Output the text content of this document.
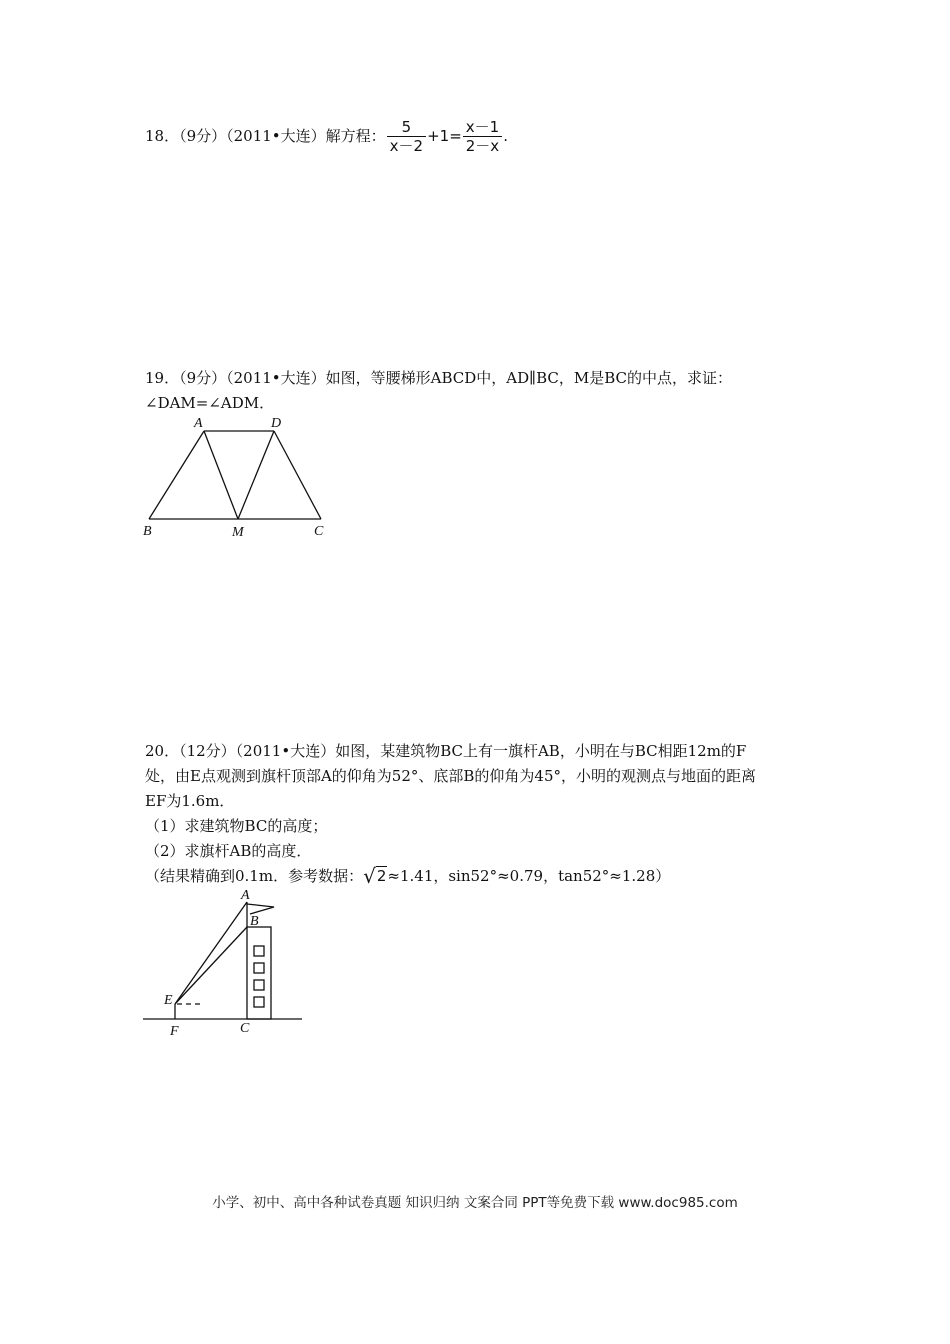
18．（9分）（2011•大连）解方程： $\frac{5}{x-2} +1= \frac{x-1}{2-x}$ .
19．（9分）（2011•大连）如图，等腰梯形ABCD中，AD∥BC，M是BC的中点，求证：
∠DAM=∠ADM．
A	D
B	M	C
20．（12分）（2011•大连）如图，某建筑物BC上有一旗杆AB，小明在与BC相距12m的F
处，由E点观测到旗杆顶部A的仰角为52°、底部B的仰角为45°，小明的观测点与地面的距离
EF为1.6m．
（1）求建筑物BC的高度；
（2）求旗杆AB的高度．
（结果精确到0.1m．参考数据：√2≈1.41，sin52°≈0.79，tan52°≈1.28）
A
B
E
F	C
小学、初中、高中各种试卷真题 知识归纳 文案合同 PPT等免费下载 www.doc985.com
